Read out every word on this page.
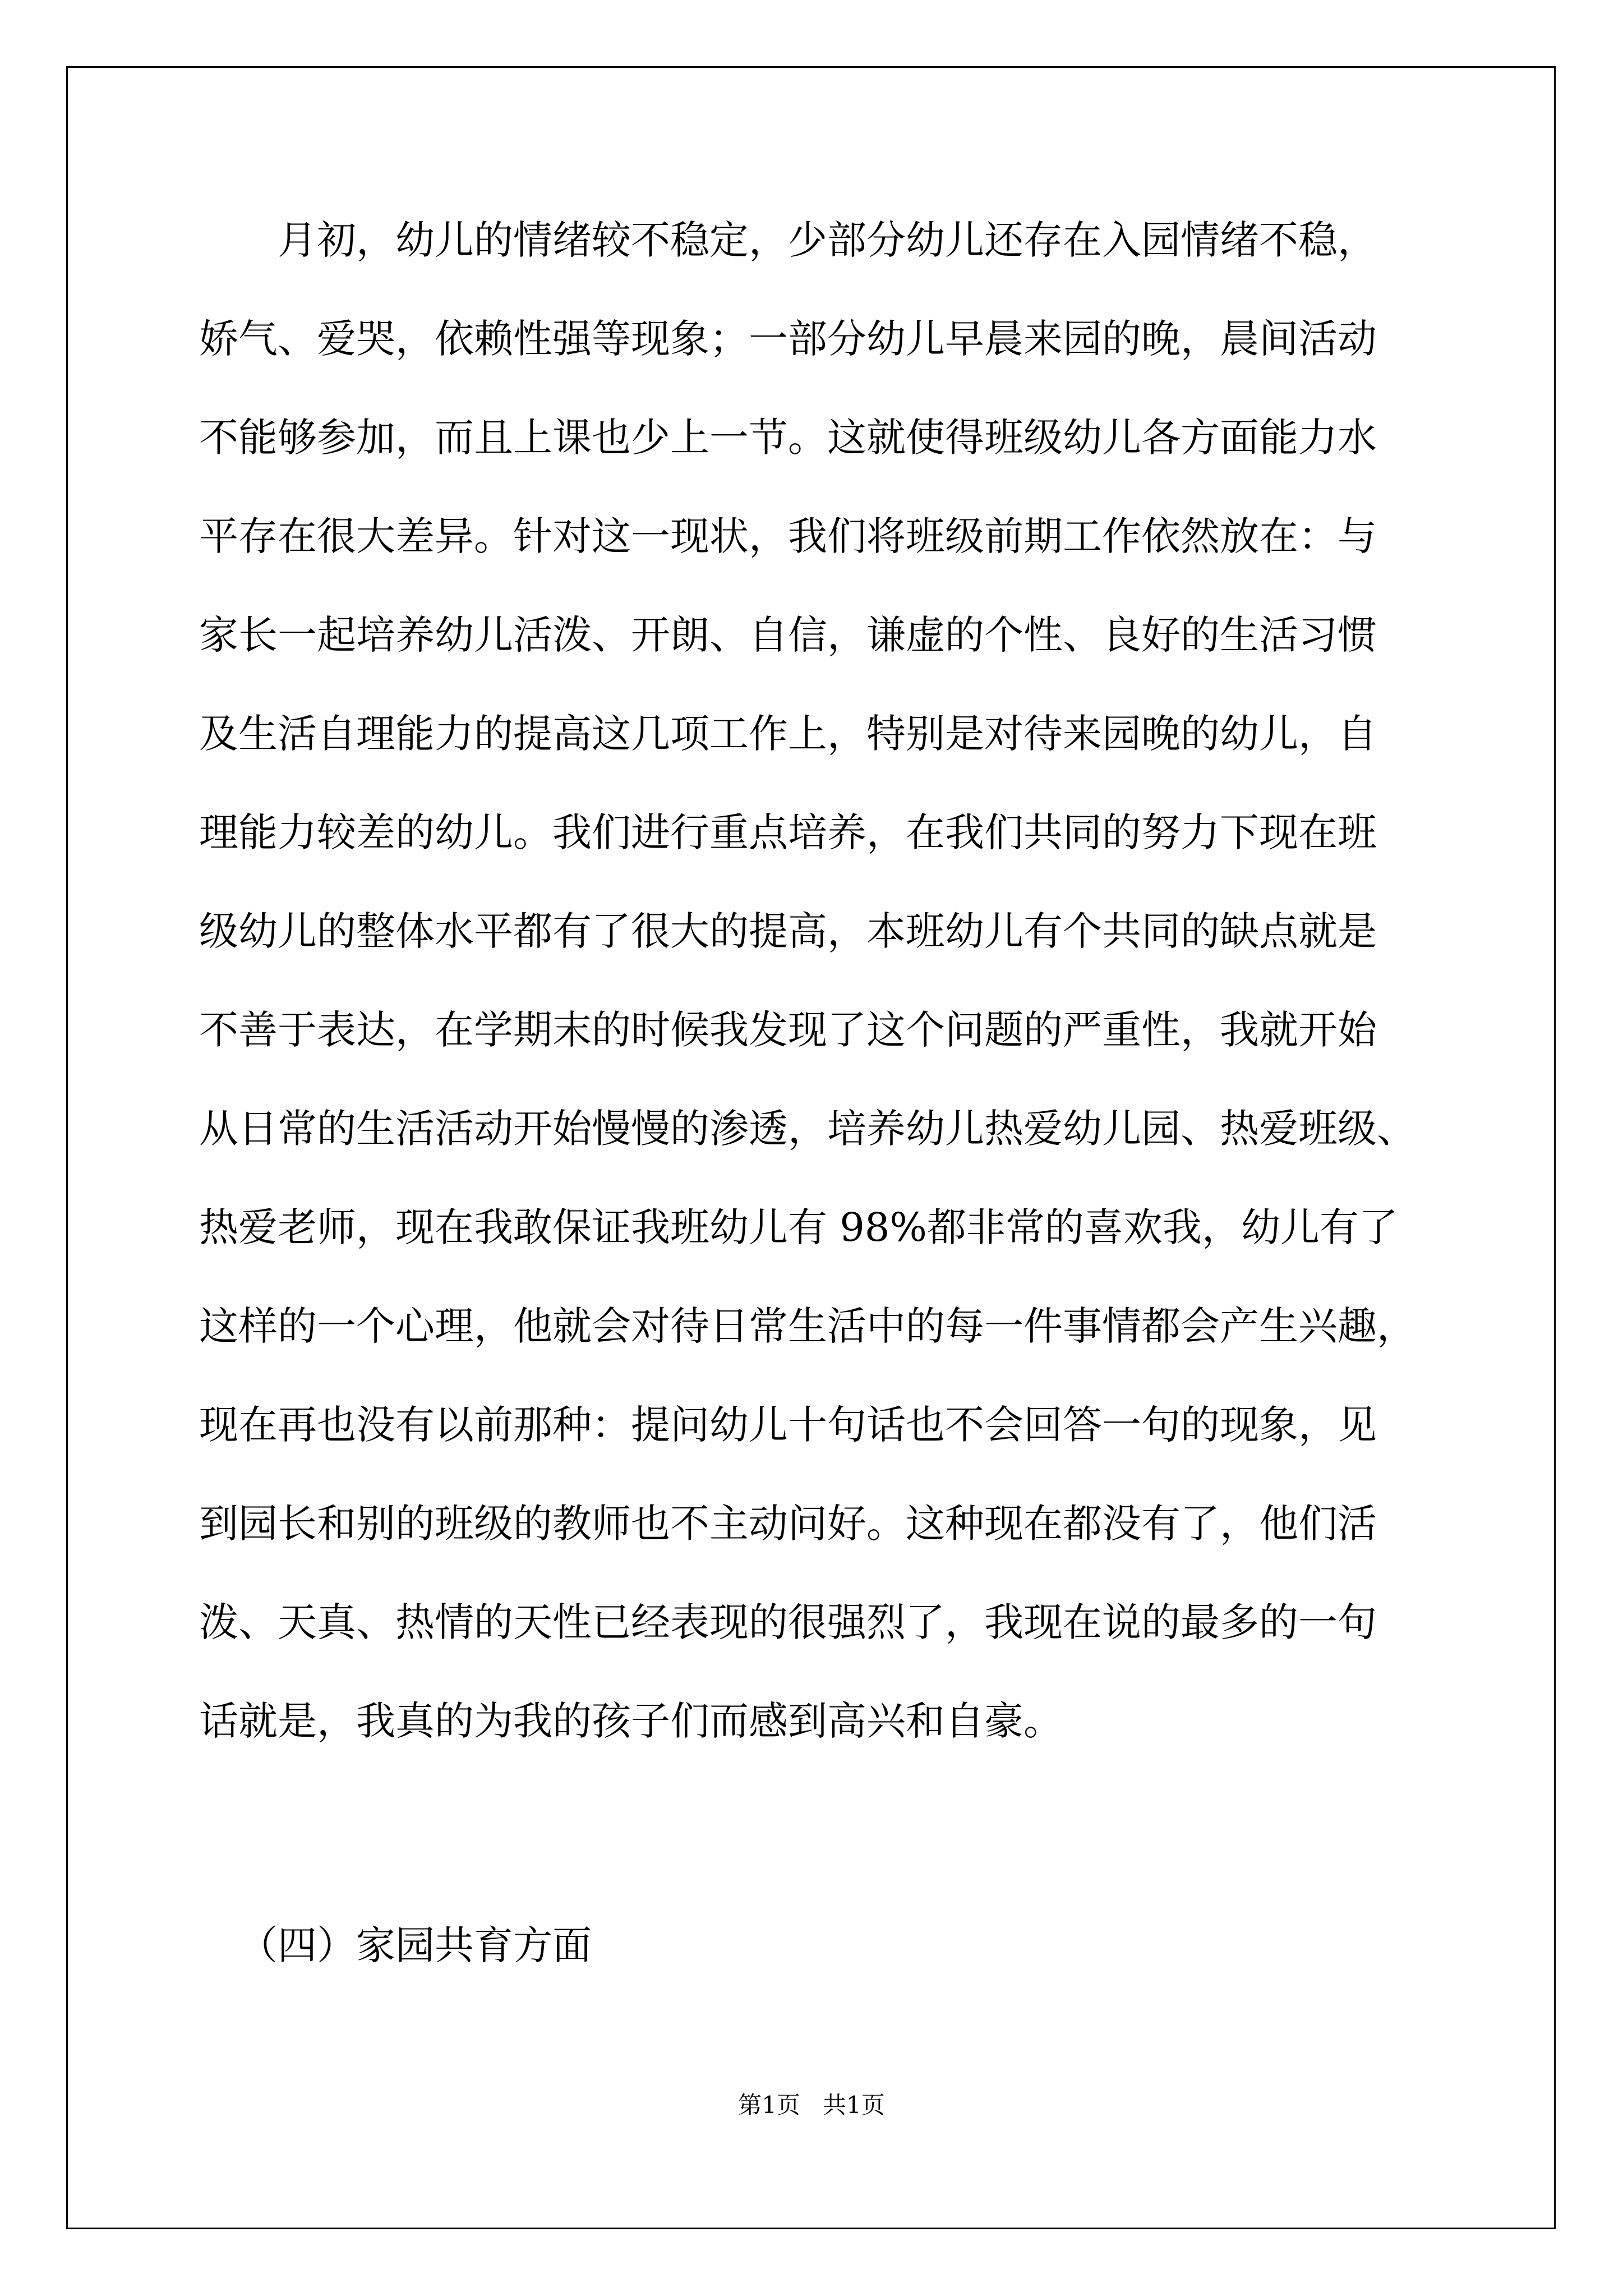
月初，幼儿的情绪较不稳定，少部分幼儿还存在入园情绪不稳，

娇气、爱哭，依赖性强等现象；一部分幼儿早晨来园的晚，晨间活动

不能够参加，而且上课也少上一节。这就使得班级幼儿各方面能力水

平存在很大差异。针对这一现状，我们将班级前期工作依然放在：与

家长一起培养幼儿活泼、开朗、自信，谦虚的个性、良好的生活习惯

及生活自理能力的提高这几项工作上，特别是对待来园晚的幼儿，自

理能力较差的幼儿。我们进行重点培养，在我们共同的努力下现在班

级幼儿的整体水平都有了很大的提高，本班幼儿有个共同的缺点就是

不善于表达，在学期末的时候我发现了这个问题的严重性，我就开始

从日常的生活活动开始慢慢的渗透，培养幼儿热爱幼儿园、热爱班级、

热爱老师，现在我敢保证我班幼儿有 98%都非常的喜欢我，幼儿有了

这样的一个心理，他就会对待日常生活中的每一件事情都会产生兴趣，

现在再也没有以前那种：提问幼儿十句话也不会回答一句的现象，见

到园长和别的班级的教师也不主动问好。这种现在都没有了，他们活

泼、天真、热情的天性已经表现的很强烈了，我现在说的最多的一句

话就是，我真的为我的孩子们而感到高兴和自豪。

（四）家园共育方面
第1页   共1页
